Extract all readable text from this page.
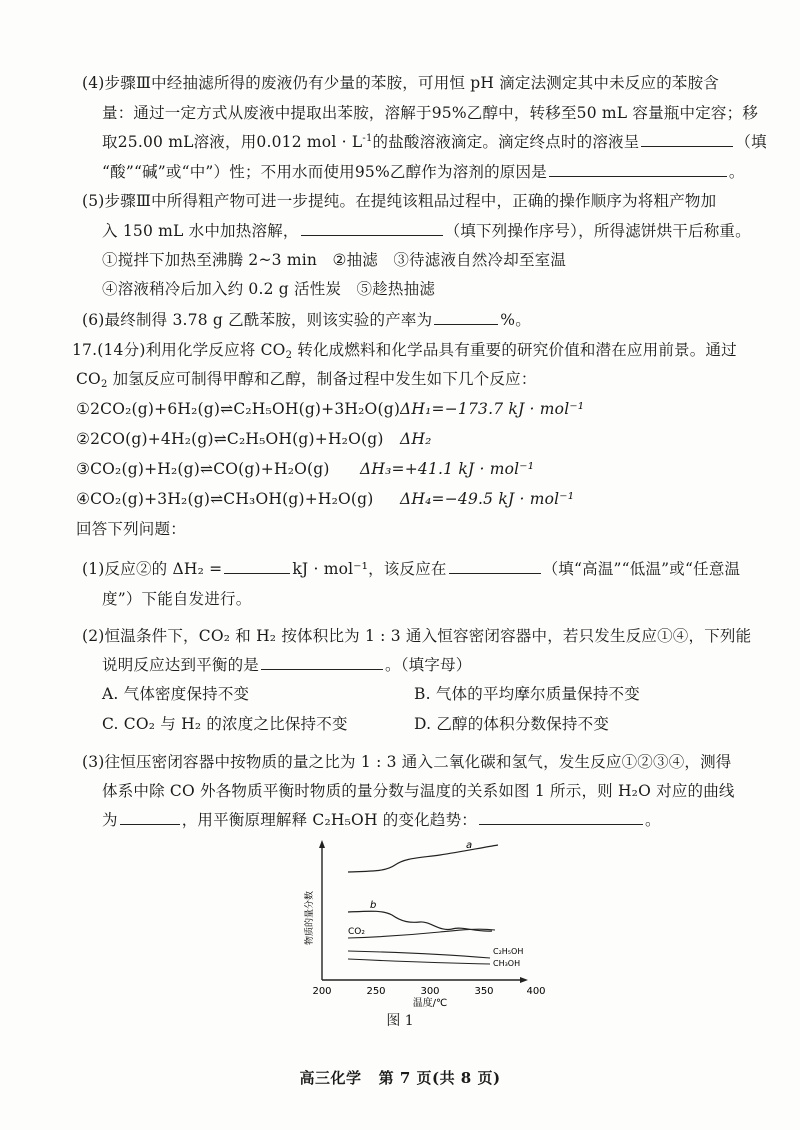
(4)步骤Ⅲ中经抽滤所得的废液仍有少量的苯胺，可用恒 pH 滴定法测定其中未反应的苯胺含
量：通过一定方式从废液中提取出苯胺，溶解于95%乙醇中，转移至50 mL 容量瓶中定容；移
取25.00 mL溶液，用0.012 mol · $L^{-1}$的盐酸溶液滴定。滴定终点时的溶液呈	（填
“酸”“碱”或“中”）性；不用水而使用95%乙醇作为溶剂的原因是	。
(5)步骤Ⅲ中所得粗产物可进一步提纯。在提纯该粗品过程中，正确的操作顺序为将粗产物加
入 150 mL 水中加热溶解，	（填下列操作序号），所得滤饼烘干后称重。
①搅拌下加热至沸腾 2~3 min   ②抽滤   ③待滤液自然冷却至室温
④溶液稍冷后加入约 0.2 g 活性炭   ⑤趁热抽滤
(6)最终制得 3.78 g 乙酰苯胺，则该实验的产率为	%。
17.(14分)利用化学反应将 $CO_2$ 转化成燃料和化学品具有重要的研究价值和潜在应用前景。通过
$CO_2$ 加氢反应可制得甲醇和乙醇，制备过程中发生如下几个反应：
①2CO₂(g)+6H₂(g)⇌C₂H₅OH(g)+3H₂O(g) ΔH₁=−173.7 kJ · mol⁻¹
②2CO(g)+4H₂(g)⇌C₂H₅OH(g)+H₂O(g) ΔH₂
③CO₂(g)+H₂(g)⇌CO(g)+H₂O(g) ΔH₃=+41.1 kJ · mol⁻¹
④CO₂(g)+3H₂(g)⇌CH₃OH(g)+H₂O(g) ΔH₄=−49.5 kJ · mol⁻¹
回答下列问题：
(1)反应②的 ΔH₂ =	kJ · mol⁻¹，该反应在	（填“高温”“低温”或“任意温
度”）下能自发进行。
(2)恒温条件下，CO₂ 和 H₂ 按体积比为 1 : 3 通入恒容密闭容器中，若只发生反应①④，下列能
说明反应达到平衡的是	。（填字母）
A. 气体密度保持不变	B. 气体的平均摩尔质量保持不变
C. CO₂ 与 H₂ 的浓度之比保持不变	D. 乙醇的体积分数保持不变
(3)往恒压密闭容器中按物质的量之比为 1 : 3 通入二氧化碳和氢气，发生反应①②③④，测得
体系中除 CO 外各物质平衡时物质的量分数与温度的关系如图 1 所示，则 H₂O 对应的曲线
为	，用平衡原理解释 C₂H₅OH 的变化趋势：	。
a
b
CO₂
C₂H₅OH
CH₃OH
物质的量分数
200	250	300	350	400
温度/℃
图 1
高三化学   第 7 页(共 8 页)
